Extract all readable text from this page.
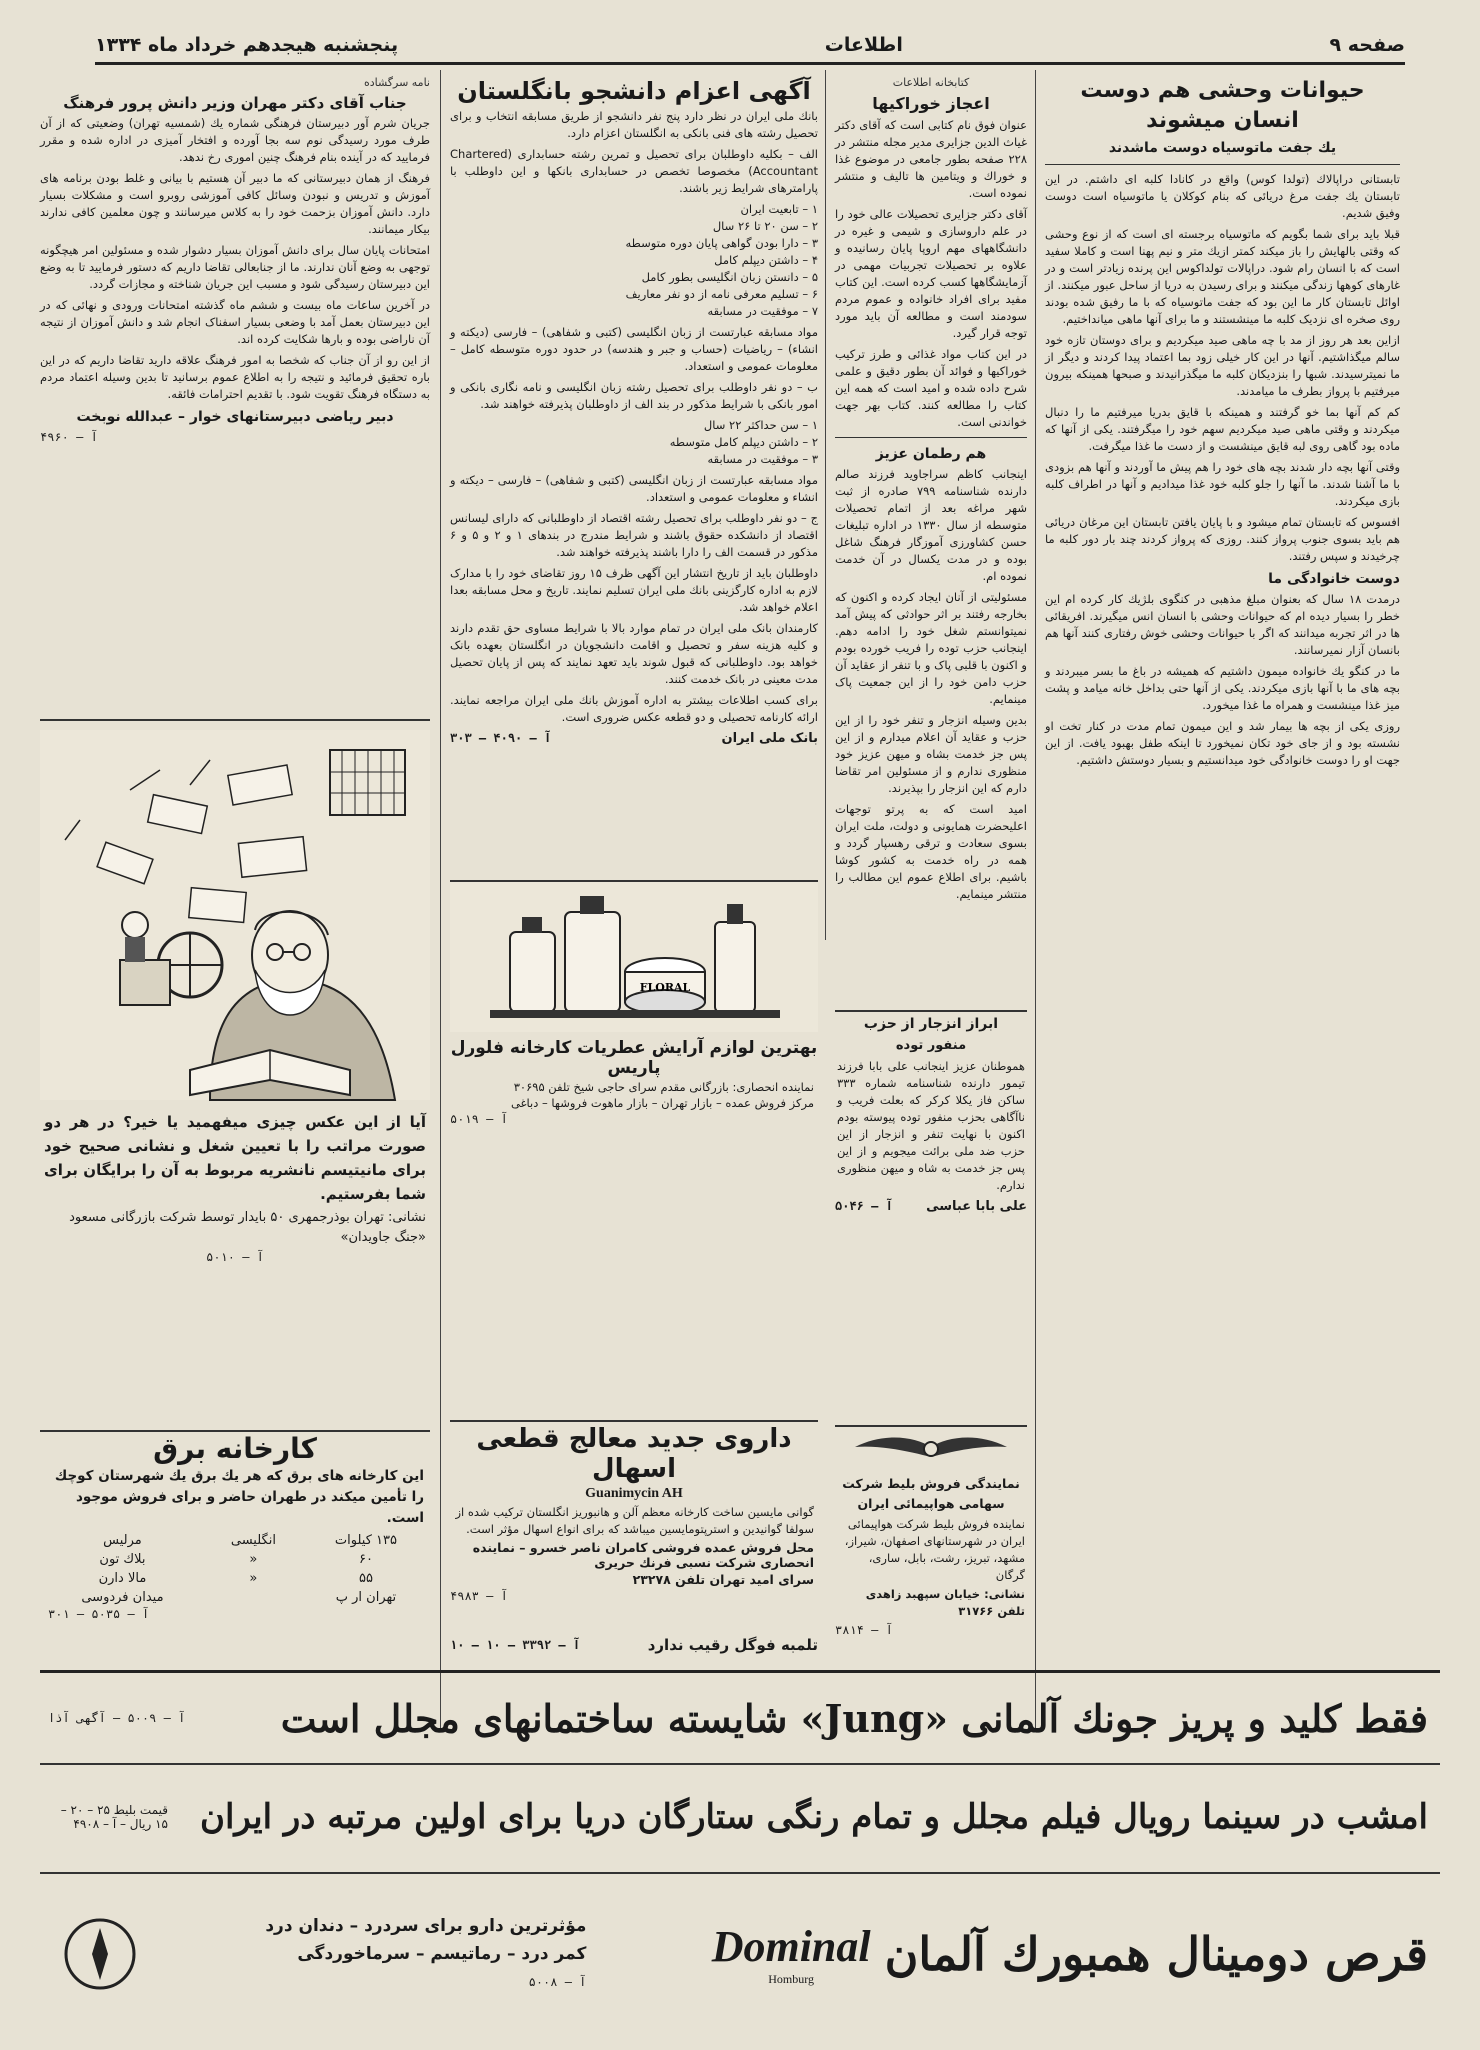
صفحه ۹
اطلاعات
پنجشنبه هیجدهم خرداد ماه ۱۳۳۴
حیوانات وحشی هم دوست انسان میشوند
یك جفت ماتوسیاه دوست ماشدند

تابستانی دراپالاك (تولدا کوس) واقع در کانادا کلبه ای داشتم. در این تابستان یك جفت مرغ دریائی که بنام کوکلان یا ماتوسیاه است دوست وفیق شدیم.

قبلا باید برای شما بگویم که ماتوسیاه برجسته ای است که از نوع وحشی که وقتی بالهایش را باز میکند کمتر ازیك متر و نیم پهنا است و کاملا سفید است که با انسان رام شود. دراپالات تولداکوس این پرنده زیادتر است و در غارهای کوهها زندگی میکنند و برای رسیدن به دریا از ساحل عبور میکنند. از اوائل تابستان کار ما این بود که جفت ماتوسیاه که با ما رفیق شده بودند روی صخره ای نزدیک کلبه ما مینشستند و ما برای آنها ماهی میانداختیم.

ازاین بعد هر روز از مد با چه ماهی صید میکردیم و برای دوستان تازه خود سالم میگذاشتیم. آنها در این کار خیلی زود بما اعتماد پیدا کردند و دیگر از ما نمیترسیدند. شبها را بنزدیکان کلبه ما میگذرانیدند و صبحها همینکه بیرون میرفتیم با پرواز بطرف ما میامدند.

کم کم آنها بما خو گرفتند و همینکه با قایق بدریا میرفتیم ما را دنبال میکردند و وقتی ماهی صید میکردیم سهم خود را میگرفتند. یکی از آنها که ماده بود گاهی روی لبه قایق مینشست و از دست ما غذا میگرفت.

وقتی آنها بچه دار شدند بچه های خود را هم پیش ما آوردند و آنها هم بزودی با ما آشنا شدند. ما آنها را جلو کلبه خود غذا میدادیم و آنها در اطراف کلبه بازی میکردند.

افسوس که تابستان تمام میشود و با پایان یافتن تابستان این مرغان دریائی هم باید بسوی جنوب پرواز کنند. روزی که پرواز کردند چند بار دور کلبه ما چرخیدند و سپس رفتند.

دوست خانوادگی ما

درمدت ۱۸ سال که بعنوان مبلغ مذهبی در کنگوی بلژیك کار کرده ام این خطر را بسیار دیده ام که حیوانات وحشی با انسان انس میگیرند. افریقائی ها در اثر تجربه میدانند که اگر با حیوانات وحشی خوش رفتاری کنند آنها هم بانسان آزار نمیرسانند.

ما در کنگو یك خانواده میمون داشتیم که همیشه در باغ ما بسر میبردند و بچه های ما با آنها بازی میکردند. یکی از آنها حتی بداخل خانه میامد و پشت میز غذا مینشست و همراه ما غذا میخورد.

روزی یکی از بچه ها بیمار شد و این میمون تمام مدت در کنار تخت او نشسته بود و از جای خود تکان نمیخورد تا اینکه طفل بهبود یافت. از این جهت او را دوست خانوادگی خود میدانستیم و بسیار دوستش داشتیم.

کتابخانه اطلاعات
اعجاز خوراکیها

عنوان فوق نام کتابی است که آقای دکتر غیاث الدین جزایری مدیر مجله منتشر در ۲۲۸ صفحه بطور جامعی در موضوع غذا و خوراك و ویتامین ها تالیف و منتشر نموده است.

آقای دکتر جزایری تحصیلات عالی خود را در علم داروسازی و شیمی و غیره در دانشگاههای مهم اروپا پایان رسانیده و علاوه بر تحصیلات تجربیات مهمی در آزمایشگاهها کسب کرده است. این کتاب مفید برای افراد خانواده و عموم مردم سودمند است و مطالعه آن باید مورد توجه قرار گیرد.

در این کتاب مواد غذائی و طرز ترکیب خوراکیها و فوائد آن بطور دقیق و علمی شرح داده شده و امید است که همه این کتاب را مطالعه کنند. کتاب بهر جهت خواندنی است.

هم رطمان عزیز

اینجانب کاظم سراجاوید فرزند صالم دارنده شناسنامه ۷۹۹ صادره از ثبت شهر مراغه بعد از اتمام تحصیلات متوسطه از سال ۱۳۳۰ در اداره تبلیغات حسن کشاورزی آموزگار فرهنگ شاغل بوده و در مدت یکسال در آن خدمت نموده ام.

مسئولیتی از آنان ایجاد کرده و اکنون که بخارجه رفتند بر اثر حوادثی که پیش آمد نمیتوانستم شغل خود را ادامه دهم. اینجانب حزب توده را فریب خورده بودم و اکنون با قلبی پاک و با تنفر از عقاید آن حزب دامن خود را از این جمعیت پاک مینمایم.

بدین وسیله انزجار و تنفر خود را از این حزب و عقاید آن اعلام میدارم و از این پس جز خدمت بشاه و میهن عزیز خود منظوری ندارم و از مسئولین امر تقاضا دارم که این انزجار را بپذیرند.

امید است که به پرتو توجهات اعلیحضرت همایونی و دولت، ملت ایران بسوی سعادت و ترقی رهسپار گردد و همه در راه خدمت به کشور کوشا باشیم. برای اطلاع عموم این مطالب را منتشر مینمایم.

آگهی اعزام دانشجو بانگلستان

بانك ملی ایران در نظر دارد پنج نفر دانشجو از طریق مسابقه انتخاب و برای تحصیل رشته های فنی بانکی به انگلستان اعزام دارد.

الف – بکلیه داوطلبان برای تحصیل و تمرین رشته حسابداری (Chartered Accountant) مخصوصا تخصص در حسابداری بانکها و این داوطلب با پارامترهای شرایط زیر باشند.

۱ – تابعیت ایران
۲ – سن ۲۰ تا ۲۶ سال
۳ – دارا بودن گواهی پایان دوره متوسطه
۴ – داشتن دیپلم کامل
۵ – دانستن زبان انگلیسی بطور کامل
۶ – تسلیم معرفی نامه از دو نفر معاریف
۷ – موفقیت در مسابقه

مواد مسابقه عبارتست از زبان انگلیسی (کتبی و شفاهی) – فارسی (دیکته و انشاء) – ریاضیات (حساب و جبر و هندسه) در حدود دوره متوسطه کامل – معلومات عمومی و استعداد.

ب – دو نفر داوطلب برای تحصیل رشته زبان انگلیسی و نامه نگاری بانکی و امور بانکی با شرایط مذکور در بند الف از داوطلبان پذیرفته خواهند شد.

۱ – سن حداکثر ۲۲ سال
۲ – داشتن دیپلم کامل متوسطه
۳ – موفقیت در مسابقه

مواد مسابقه عبارتست از زبان انگلیسی (کتبی و شفاهی) – فارسی – دیکته و انشاء و معلومات عمومی و استعداد.

ج – دو نفر داوطلب برای تحصیل رشته اقتصاد از داوطلبانی که دارای لیسانس اقتصاد از دانشکده حقوق باشند و شرایط مندرج در بندهای ۱ و ۲ و ۵ و ۶ مذکور در قسمت الف را دارا باشند پذیرفته خواهند شد.

داوطلبان باید از تاریخ انتشار این آگهی ظرف ۱۵ روز تقاضای خود را با مدارک لازم به اداره کارگزینی بانك ملی ایران تسلیم نمایند. تاریخ و محل مسابقه بعدا اعلام خواهد شد.

کارمندان بانک ملی ایران در تمام موارد بالا با شرایط مساوی حق تقدم دارند و کلیه هزینه سفر و تحصیل و اقامت دانشجویان در انگلستان بعهده بانک خواهد بود. داوطلبانی که قبول شوند باید تعهد نمایند که پس از پایان تحصیل مدت معینی در بانک خدمت کنند.

برای کسب اطلاعات بیشتر به اداره آموزش بانك ملی ایران مراجعه نمایند. ارائه کارنامه تحصیلی و دو قطعه عکس ضروری است.

بانک ملی ایران
آ – ۴۰۹۰ – ۳۰۳
نامه سرگشاده
جناب آقای دکتر مهران وزیر دانش پرور فرهنگ

جریان شرم آور دبیرستان فرهنگی شماره یك (شمسیه تهران) وضعیتی که از آن طرف مورد رسیدگی نوم سه بجا آورده و افتخار آمیزی در اداره شده و مقرر فرمایید که در آینده بنام فرهنگ چنین اموری رخ ندهد.

فرهنگ از همان دبیرستانی که ما دبیر آن هستیم با بیانی و غلط بودن برنامه های آموزش و تدریس و نبودن وسائل کافی آموزشی روبرو است و مشکلات بسیار دارد. دانش آموزان بزحمت خود را به کلاس میرسانند و چون معلمین کافی ندارند بیکار میمانند.

امتحانات پایان سال برای دانش آموزان بسیار دشوار شده و مسئولین امر هیچگونه توجهی به وضع آنان ندارند. ما از جنابعالی تقاضا داریم که دستور فرمایید تا به وضع این دبیرستان رسیدگی شود و مسبب این جریان شناخته و مجازات گردد.

در آخرین ساعات ماه بیست و ششم ماه گذشته امتحانات ورودی و نهائی که در این دبیرستان بعمل آمد با وضعی بسیار اسفناک انجام شد و دانش آموزان از نتیجه آن ناراضی بوده و بارها شکایت کرده اند.

از این رو از آن جناب که شخصا به امور فرهنگ علاقه دارید تقاضا داریم که در این باره تحقیق فرمائید و نتیجه را به اطلاع عموم برسانید تا بدین وسیله اعتماد مردم به دستگاه فرهنگ تقویت شود. با تقدیم احترامات فائقه.

دبیر ریاضی دبیرستانهای خوار – عبدالله نوبخت
آ – ۴۹۶۰

آیا از این عکس چیزی میفهمید یا خیر؟ در هر دو صورت مراتب را با تعیین شغل و نشانی صحیح خود برای مانیتیسم نانشریه مربوط به آن را برایگان برای شما بفرستیم.

نشانی: تهران بوذرجمهری ۵۰ بایدار توسط شرکت بازرگانی مسعود «جنگ جاویدان»

آ – ۵۰۱۰
کارخانه برق

این کارخانه های برق که هر یك برق یك شهرستان کوچك را تأمین میکند در طهران حاضر و برای فروش موجود است.

۱۳۵ کیلوات	انگلیسی	مرلیس
۶۰	«	بلاك تون
۵۵	«	مالا دارن
تهران ار پ		میدان فردوسی
آ – ۵۰۳۵ – ۳۰۱
FLORAL
بهترین لوازم آرایش عطریات کارخانه فلورل پاریس

نماینده انحصاری: بازرگانی مقدم سرای حاجی شیخ تلفن ۳۰۶۹۵

مرکز فروش عمده – بازار تهران – بازار ماهوت فروشها – دباغی

آ – ۵۰۱۹
داروی جدید معالج قطعی اسهال
Guanimycin AH

گوانی مایسین ساخت کارخانه معظم آلن و هانبوریز انگلستان ترکیب شده از سولفا گوانیدین و استرپتومایسین میباشد که برای انواع اسهال مؤثر است.

محل فروش عمده فروشی کامران ناصر خسرو – نماینده انحصاری شرکت نسبی فرنك حریری

سرای امید تهران تلفن ۲۳۲۷۸

آ – ۴۹۸۳
ابراز انزجار از حزب
منفور توده

هموطنان عزیز اینجانب علی بابا فرزند تیمور دارنده شناسنامه شماره ۳۳۳ ساکن فاز یکلا کرکر که بعلت فریب و ناآگاهی بحزب منفور توده پیوسته بودم اکنون با نهایت تنفر و انزجار از این حزب ضد ملی برائت میجویم و از این پس جز خدمت به شاه و میهن منظوری ندارم.

علی بابا عباسی
آ – ۵۰۴۶
نمایندگی فروش بلیط شرکت سهامی هواپیمائی ایران

نماینده فروش بلیط شرکت هواپیمائی ایران در شهرستانهای اصفهان، شیراز، مشهد، تبریز، رشت، بابل، ساری، گرگان

نشانی: خیابان سپهبد زاهدی تلفن ۳۱۷۶۶

آ – ۳۸۱۴
تلمبه فوگل رقیب ندارد
آ – ۳۳۹۲ – ۱۰ – ۱۰
فقط کلید و پریز جونك آلمانی «Jung» شایسته ساختمانهای مجلل است
آ – ۵۰۰۹ – آگهی آذا
امشب در سینما رویال فیلم مجلل و تمام رنگی ستارگان دریا برای اولین مرتبه در ایران
قیمت بلیط ۲۵ – ۲۰ – ۱۵ ریال – آ – ۴۹۰۸
قرص دومینال همبورك آلمان
Dominal
Homburg
مؤثرترین دارو برای سردرد – دندان درد
کمر درد – رماتیسم – سرماخوردگی
آ – ۵۰۰۸
